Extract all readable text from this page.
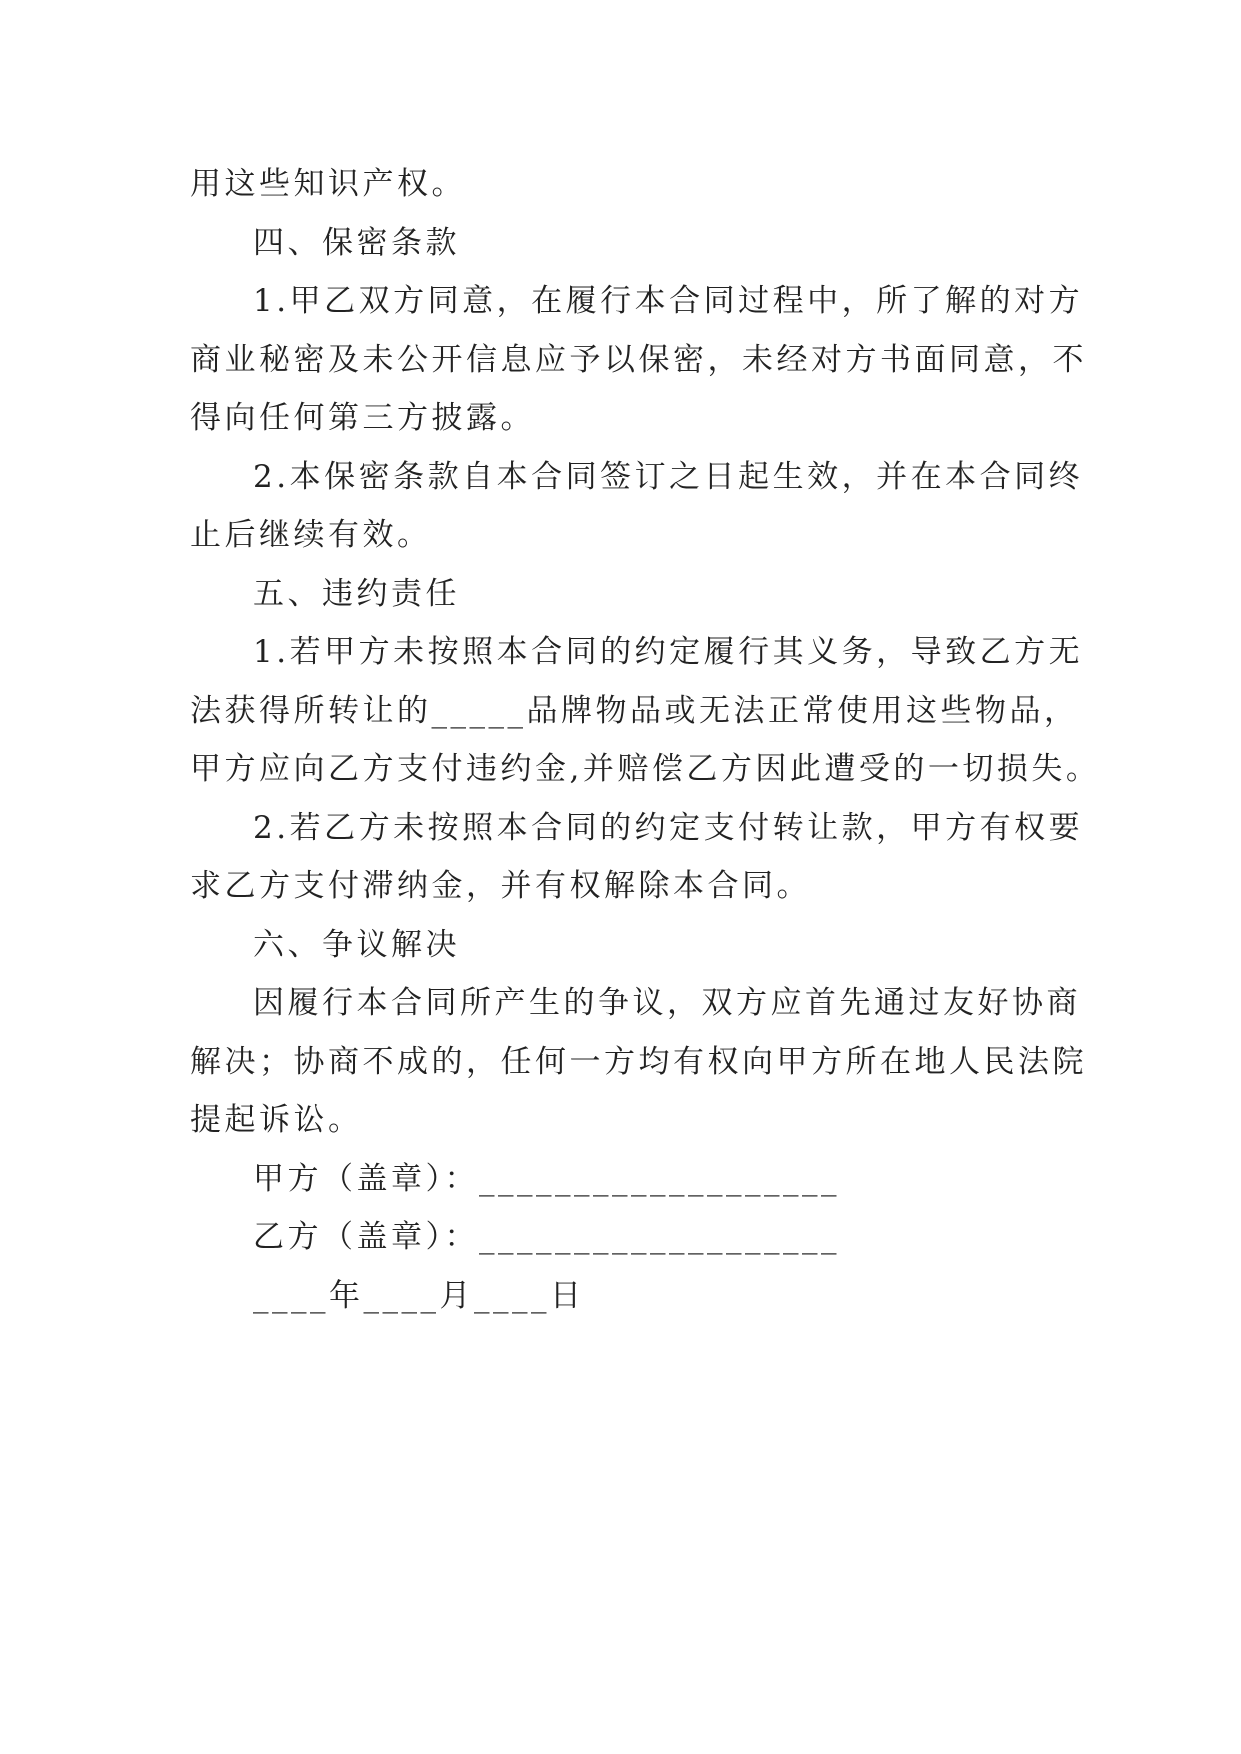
用这些知识产权。

四、保密条款

1.甲乙双方同意，在履行本合同过程中，所了解的对方

商业秘密及未公开信息应予以保密，未经对方书面同意，不

得向任何第三方披露。

2.本保密条款自本合同签订之日起生效，并在本合同终

止后继续有效。

五、违约责任

1.若甲方未按照本合同的约定履行其义务，导致乙方无

法获得所转让的_____品牌物品或无法正常使用这些物品，

甲方应向乙方支付违约金,并赔偿乙方因此遭受的一切损失。

2.若乙方未按照本合同的约定支付转让款，甲方有权要

求乙方支付滞纳金，并有权解除本合同。

六、争议解决

因履行本合同所产生的争议，双方应首先通过友好协商

解决；协商不成的，任何一方均有权向甲方所在地人民法院

提起诉讼。

甲方（盖章）：___________________

乙方（盖章）：___________________

____年____月____日
